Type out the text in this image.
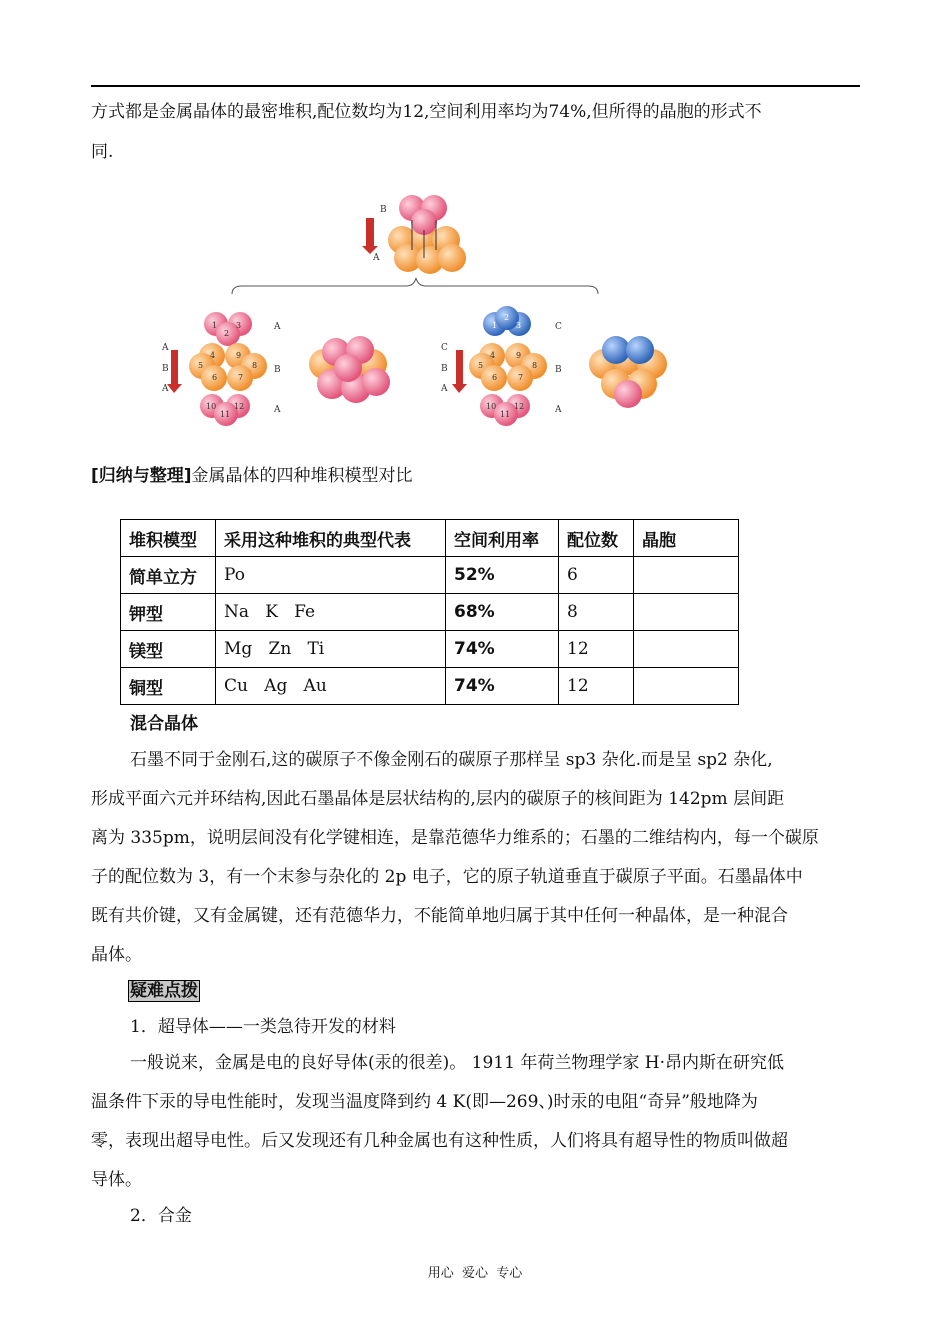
方式都是金属晶体的最密堆积,配位数均为12,空间利用率均为74%,但所得的晶胞的形式不
同.
B
A
A
B
A
1
2
3
4	9
5	8
6	7
10
11
12
A
B
A
C
B
A
1
2
3
4	9
5	8
6	7
10
11
12
C
B
A
[归纳与整理]金属晶体的四种堆积模型对比
堆积模型	采用这种堆积的典型代表	空间利用率	配位数	晶胞
简单立方	Po	52%	6	
钾型	Na   K   Fe	68%	8	
镁型	Mg   Zn   Ti	74%	12	
铜型	Cu   Ag   Au	74%	12	
混合晶体
石墨不同于金刚石,这的碳原子不像金刚石的碳原子那样呈 sp3 杂化.而是呈 sp2 杂化,
形成平面六元并环结构,因此石墨晶体是层状结构的,层内的碳原子的核间距为 142pm 层间距
离为 335pm，说明层间没有化学键相连，是靠范德华力维系的；石墨的二维结构内，每一个碳原
子的配位数为 3，有一个末参与杂化的 2p 电子，它的原子轨道垂直于碳原子平面。石墨晶体中
既有共价键，又有金属键，还有范德华力，不能简单地归属于其中任何一种晶体，是一种混合
晶体。
疑难点拨
1．超导体——一类急待开发的材料
一般说来，金属是电的良好导体(汞的很差)。 1911 年荷兰物理学家 H·昂内斯在研究低
温条件下汞的导电性能时，发现当温度降到约 4 K(即—269、)时汞的电阻“奇异”般地降为
零，表现出超导电性。后又发现还有几种金属也有这种性质，人们将具有超导性的物质叫做超
导体。
2．合金
用心  爱心  专心
